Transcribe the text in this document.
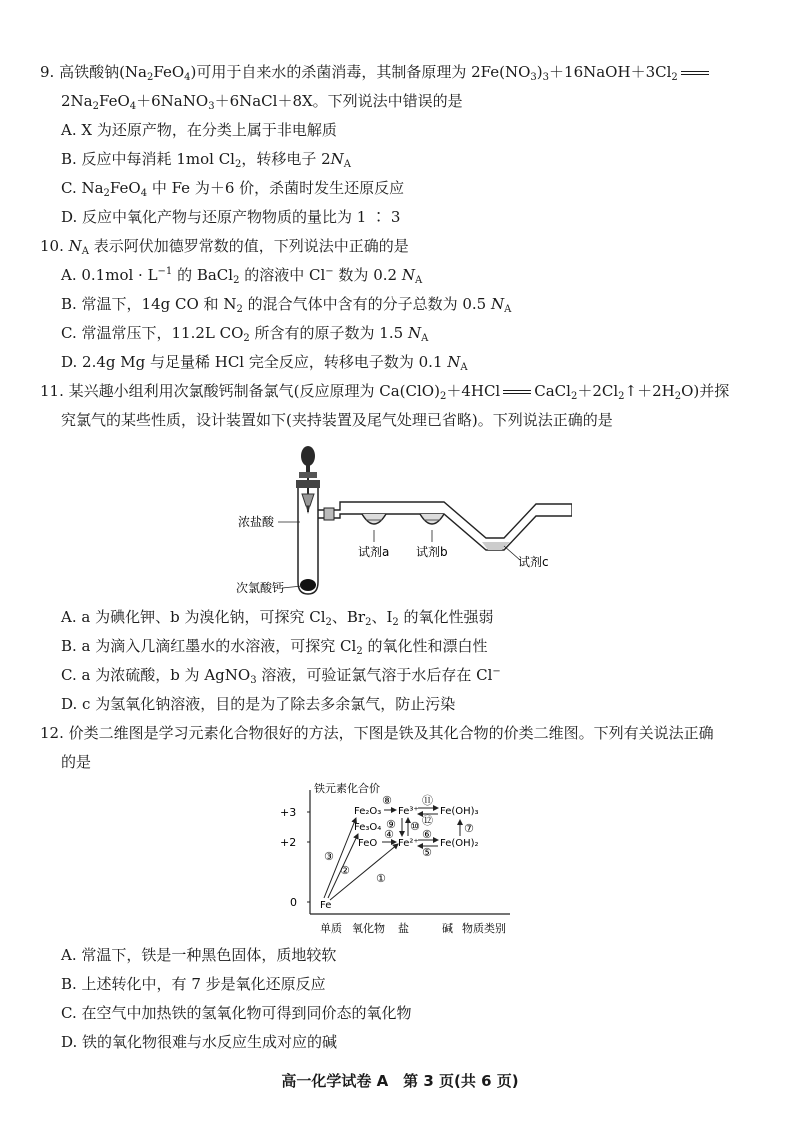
9. 高铁酸钠$(Na_2FeO_4)$可用于自来水的杀菌消毒，其制备原理为 $2Fe(NO_3)_3+16NaOH+3Cl_2$
$2Na_2FeO_4+6NaNO_3+6NaCl+8X$。下列说法中错误的是
A. X 为还原产物，在分类上属于非电解质
B. 反应中每消耗 1mol $Cl_2$，转移电子 $2N_A$
C. $Na_2FeO_4$ 中 Fe 为＋6 价，杀菌时发生还原反应
D. 反应中氧化产物与还原产物物质的量比为 1 ∶ 3
10. $N_A$ 表示阿伏加德罗常数的值，下列说法中正确的是
A. $0.1mol \cdot L^{-1}$ 的 BaCl$_2$ 的溶液中 Cl− 数为 0.2 $N_A$
B. 常温下，14g CO 和 $N_2$ 的混合气体中含有的分子总数为 0.5 $N_A$
C. 常温常压下，11.2L $CO_2$ 所含有的原子数为 1.5 $N_A$
D. 2.4g Mg 与足量稀 HCl 完全反应，转移电子数为 0.1 $N_A$
11. 某兴趣小组利用次氯酸钙制备氯气(反应原理为 $Ca(ClO)_2+4HCl$ $CaCl_2+2Cl_2↑+2H_2O$)并探
究氯气的某些性质，设计装置如下(夹持装置及尾气处理已省略)。下列说法正确的是
浓盐酸
次氯酸钙
试剂a 试剂b
试剂c
A. a 为碘化钾、b 为溴化钠，可探究 $Cl_2$、$Br_2$、$I_2$ 的氧化性强弱
B. a 为滴入几滴红墨水的水溶液，可探究 $Cl_2$ 的氧化性和漂白性
C. a 为浓硫酸，b 为 AgNO$_3$ 溶液，可验证氯气溶于水后存在 Cl−
D. c 为氢氧化钠溶液，目的是为了除去多余氯气，防止污染
12. 价类二维图是学习元素化合物很好的方法，下图是铁及其化合物的价类二维图。下列有关说法正确
的是
铁元素化合价
+3
+2
0
单质 氧化物 盐	碱 物质类别
Fe
Fe₂O₃
Fe₃O₄
FeO
Fe³⁺
Fe²⁺
Fe(OH)₃
Fe(OH)₂
①
②
③
④
⑤
⑥	⑦
⑧
⑨ ⑩
⑪
⑫
A. 常温下，铁是一种黑色固体，质地较软
B. 上述转化中，有 7 步是氧化还原反应
C. 在空气中加热铁的氢氧化物可得到同价态的氧化物
D. 铁的氧化物很难与水反应生成对应的碱
高一化学试卷 A　第 3 页(共 6 页)
